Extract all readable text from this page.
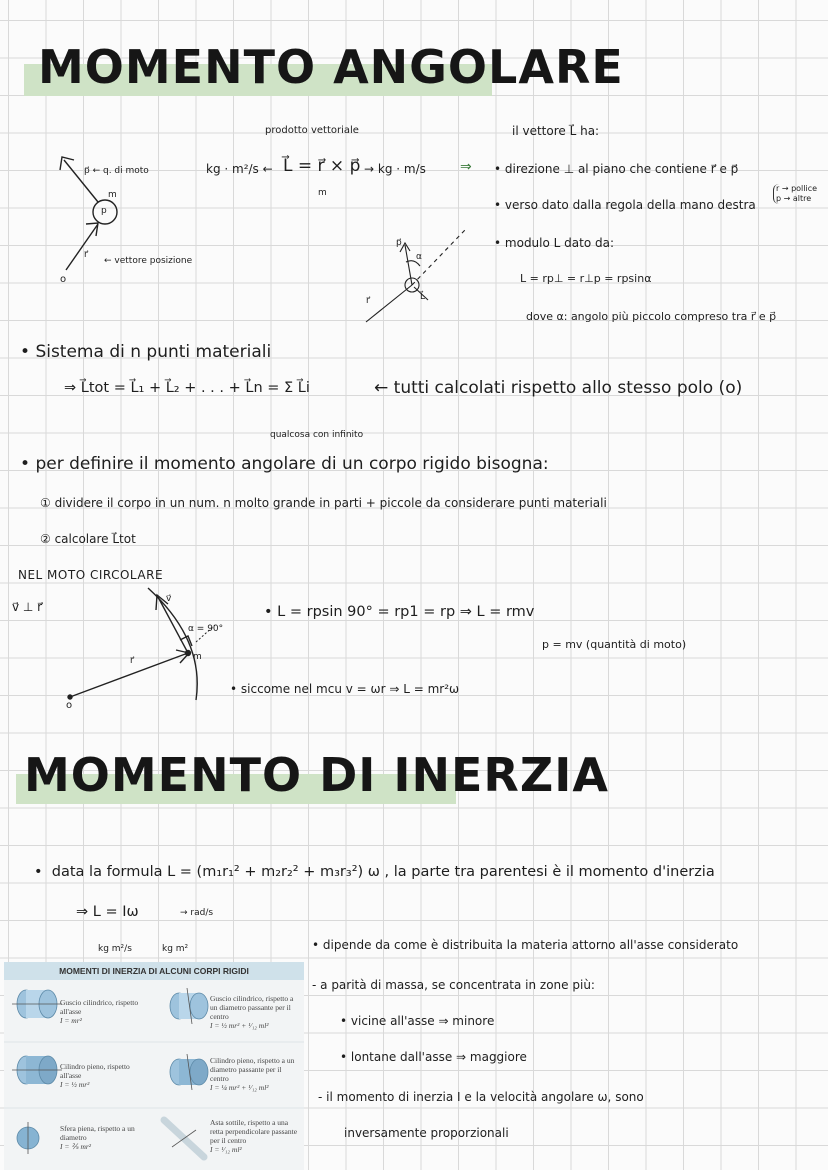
MOMENTO ANGOLARE
p⃗ ← q. di moto
m
p
r⃗
← vettore posizione
o
prodotto vettoriale
kg · m²/s ← L⃗ = r⃗ × p⃗ → kg · m/s
m
⇒
il vettore L⃗ ha:
• direzione ⊥ al piano che contiene r⃗ e p⃗
• verso dato dalla regola della mano destra
r → pollice
p → altre
• modulo L dato da:
L = rp⊥ = r⊥p = rpsinα
dove α: angolo più piccolo compreso tra r⃗ e p⃗
p⃗
α
r⃗	L⃗
• Sistema di n punti materiali
⇒ L⃗tot = L⃗₁ + L⃗₂ + . . . + L⃗n = Σ L⃗i	← tutti calcolati rispetto allo stesso polo (o)
qualcosa con infinito
• per definire il momento angolare di un corpo rigido bisogna:
① dividere il corpo in un num. n molto grande in parti + piccole da considerare punti materiali
② calcolare L⃗tot
NEL MOTO CIRCOLARE
v⃗ ⊥ r⃗
v⃗
α = 90°
m
r⃗
o
• L = rpsin 90° = rp1 = rp ⇒ L = rmv
p = mv (quantità di moto)
• siccome nel mcu v = ωr ⇒ L = mr²ω
MOMENTO DI INERZIA
•  data la formula L = (m₁r₁² + m₂r₂² + m₃r₃²) ω , la parte tra parentesi è il momento d'inerzia
⇒ L = Iω	→ rad/s
kg m²/s	kg m²	• dipende da come è distribuita la materia attorno all'asse considerato
- a parità di massa, se concentrata in zone più:
• vicine all'asse ⇒ minore
• lontane dall'asse ⇒ maggiore
- il momento di inerzia I e la velocità angolare ω, sono
inversamente proporzionali
MOMENTI DI INERZIA DI ALCUNI CORPI RIGIDI
Guscio cilindrico, rispetto all'asse
I = mr²
Guscio cilindrico, rispetto a un diametro passante per il centro
I = ½ mr² + ¹⁄₁₂ ml²
Cilindro pieno, rispetto all'asse
I = ½ mr²
Cilindro pieno, rispetto a un diametro passante per il centro
I = ¼ mr² + ¹⁄₁₂ ml²
Sfera piena, rispetto a un diametro
I = ⅖ mr²
Asta sottile, rispetto a una retta perpendicolare passante per il centro
I = ¹⁄₁₂ ml²
